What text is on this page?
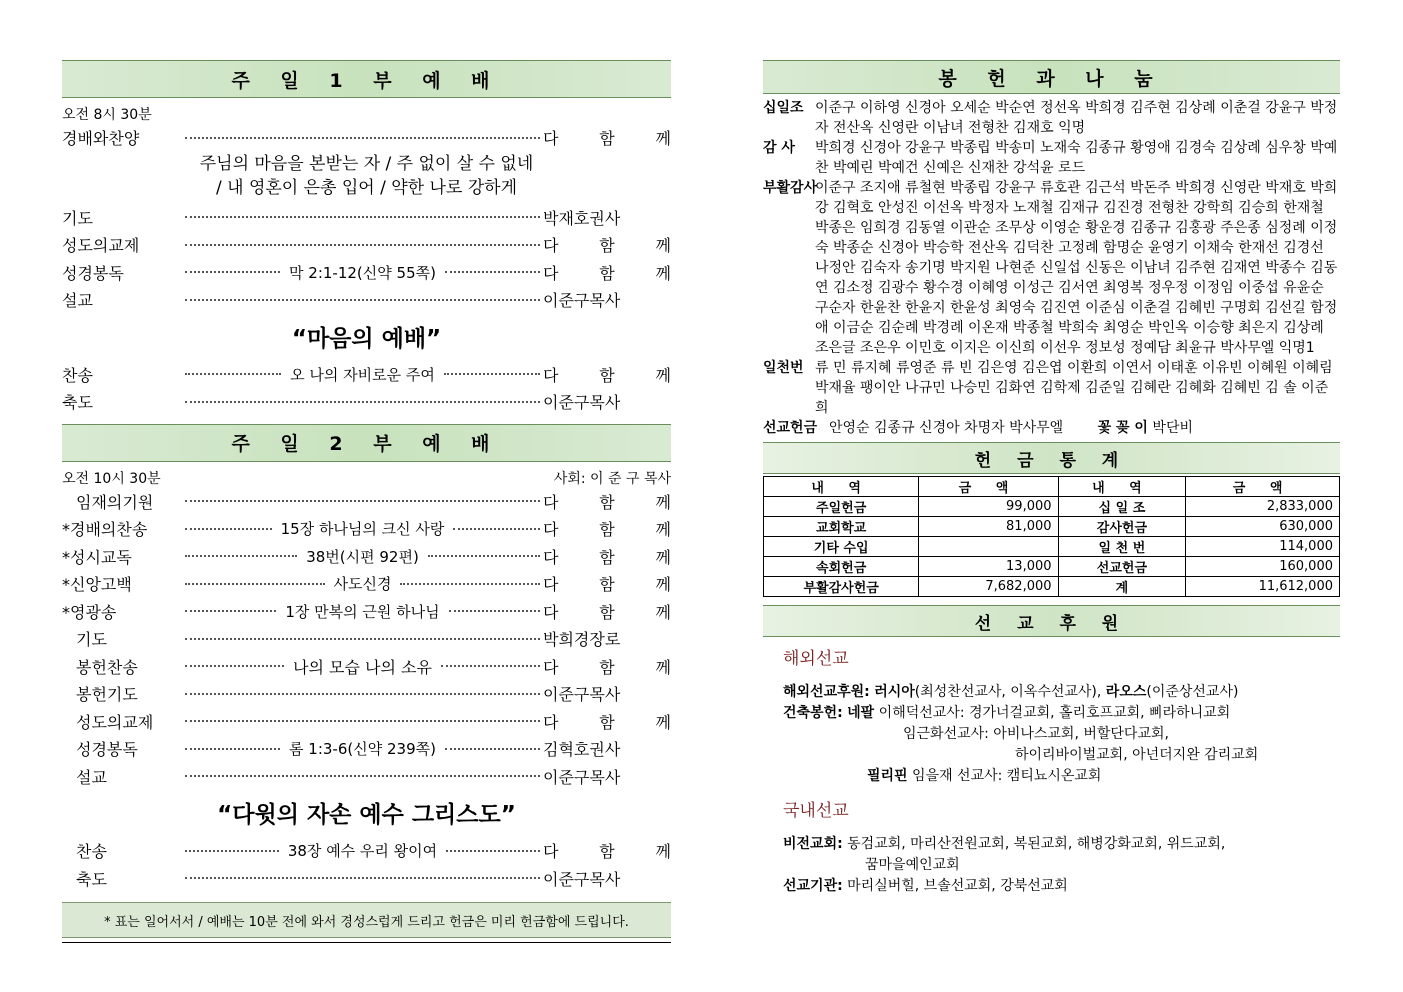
주 일 1 부 예 배
오전 8시 30분
경배와찬양	다 함 께
주님의 마음을 본받는 자 / 주 없이 살 수 없네
/ 내 영혼이 은총 입어 / 약한 나로 강하게
기도	박재호권사
성도의교제	다 함 께
성경봉독	막 2:1-12(신약 55쪽)	다 함 께
설교	이준구목사
“마음의 예배”
찬송	오 나의 자비로운 주여	다 함 께
축도	이준구목사
주 일 2 부 예 배
오전 10시 30분	사회: 이 준 구 목사
임재의기원	다 함 께
*경배의찬송	15장 하나님의 크신 사랑	다 함 께
*성시교독	38번(시편 92편)	다 함 께
*신앙고백	사도신경	다 함 께
*영광송	1장 만복의 근원 하나님	다 함 께
기도	박희경장로
봉헌찬송	나의 모습 나의 소유	다 함 께
봉헌기도	이준구목사
성도의교제	다 함 께
성경봉독	롬 1:3-6(신약 239쪽)	김혁호권사
설교	이준구목사
“다윗의 자손 예수 그리스도”
찬송	38장 예수 우리 왕이여	다 함 께
축도	이준구목사
* 표는 일어서서 / 예배는 10분 전에 와서 경성스럽게 드리고 헌금은 미리 헌금함에 드립니다.
봉 헌 과 나 눔
십일조 이준구 이하영 신경아 오세순 박순연 정선옥 박희경 김주현 김상례 이춘걸 강윤구 박정자 전산옥 신영란 이남녀 전형찬 김재호 익명
감 사	박희경 신경아 강윤구 박종립 박송미 노재숙 김종규 황영애 김경숙 김상례 심우창 박예찬 박예린 박예건 신예은 신재찬 강석윤 로드
부활감사
이준구 조지애 류철현 박종립 강윤구 류호관 김근석 박돈주 박희경 신영란 박재호 박희강 김혁호 안성진 이선옥 박정자 노재철 김재규 김진경 전형찬 강학희 김승희 한재철 박종은 임희경 김동열 이관순 조무상 이영순 황운경 김종규 김홍광 주은종 심정례 이정숙 박종순 신경아 박승학 전산옥 김덕찬 고정례 함명순 윤영기 이채숙 한재선 김경선 나정안 김숙자 송기명 박지원 나현준 신일섭 신동은 이남녀 김주현 김재연 박종수 김동연 김소정 김광수 황수경 이혜영 이성근 김서연 최영복 정우정 이정임 이중섭 유윤순 구순자 한윤찬 한윤지 한윤성 최영숙 김진연 이준심 이춘걸 김혜빈 구명회 김선길 함정애 이금순 김순례 박경례 이온재 박종철 박희숙 최영순 박인옥 이승향 최은지 김상례 조은글 조은우 이민호 이지은 이신희 이선우 정보성 정예담 최윤규 박사무엘 익명1
일천번 류 민 류지혜 류영준 류 빈 김은영 김은엽 이환희 이연서 이태훈 이유빈 이혜원 이혜림 박재율 팽이안 나규민 나승민 김화연 김학제 김준일 김혜란 김혜화 김혜빈 김 솔 이준희
선교헌금 안영순 김종규 신경아 차명자 박사무엘 꽃 꽂 이 박단비
헌 금 통 계
내 역	금 액	내 역	금 액
주일헌금	99,000	십 일 조	2,833,000
교회학교	81,000	감사헌금	630,000
기타 수입		일 천 번	114,000
속회헌금	13,000	선교헌금	160,000
부활감사헌금	7,682,000	계	11,612,000
선 교 후 원
해외선교
해외선교후원: 러시아(최성찬선교사, 이옥수선교사), 라오스(이준상선교사)
건축봉헌: 네팔 이해덕선교사: 경가너걸교회, 홀리호프교회, 삐라하니교회
임근화선교사: 아비나스교회, 버할단다교회,
하이리바이벌교회, 아넌더지완 감리교회
필리핀 임을재 선교사: 캠티뇨시온교회
국내선교
비전교회: 동검교회, 마리산전원교회, 복된교회, 해병강화교회, 위드교회,
꿈마을예인교회
선교기관: 마리실버힐, 브솔선교회, 강북선교회
